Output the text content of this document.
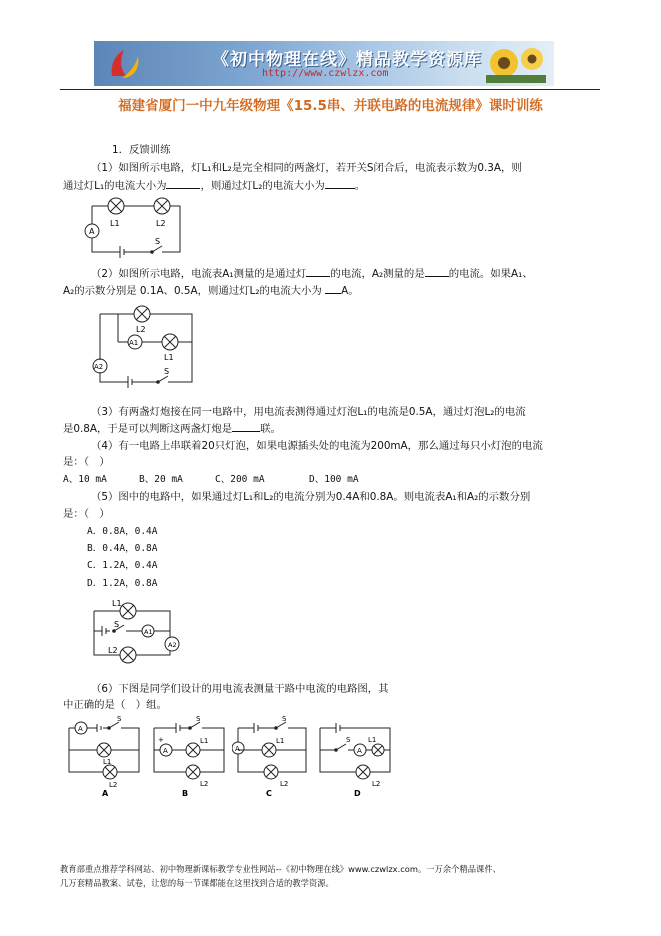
《初中物理在线》精品教学资源库
http://www.czwlzx.com
福建省厦门一中九年级物理《15.5串、并联电路的电流规律》课时训练
1．反馈训练
（1）如图所示电路，灯L₁和L₂是完全相同的两盏灯，若开关S闭合后，电流表示数为0.3A，则
通过灯L₁的电流大小为	，则通过灯L₂的电流大小为	。
A
L1	L2
S
（2）如图所示电路，电流表A₁测量的是通过灯 的电流，A₂测量的是 的电流。如果A₁、
A₂的示数分别是 0.1A、0.5A，则通过灯L₂的电流大小为 A。
L2
A1
L1
A2	S
（3）有两盏灯炮接在同一电路中，用电流表测得通过灯泡L₁的电流是0.5A，通过灯泡L₂的电流
是0.8A，于是可以判断这两盏灯炮是	联。
（4）有一电路上串联着20只灯泡，如果电源插头处的电流为200mA，那么通过每只小灯泡的电流
是：（　）
A、10 mA	B、20 mA	C、200 mA	D、100 mA
（5）图中的电路中，如果通过灯L₁和L₂的电流分别为0.4A和0.8A。则电流表A₁和A₂的示数分别
是：（　）
A．0.8A，0.4A
B．0.4A，0.8A
C．1.2A，0.4A
D．1.2A，0.8A
L1
S
A1
A2
L2
（6）下图是同学们设计的用电流表测量干路中电流的电路图，其
中正确的是（　）组。
A
S
L1
L2
A
+
A
S
L1
L2
B
A
S
L1
L2
C
A
S	L1
L2
D
教育部重点推荐学科网站、初中物理新课标教学专业性网站--《初中物理在线》www.czwlzx.com。一万余个精品课件、
几万套精品教案、试卷，让您的每一节课都能在这里找到合适的教学资源。
